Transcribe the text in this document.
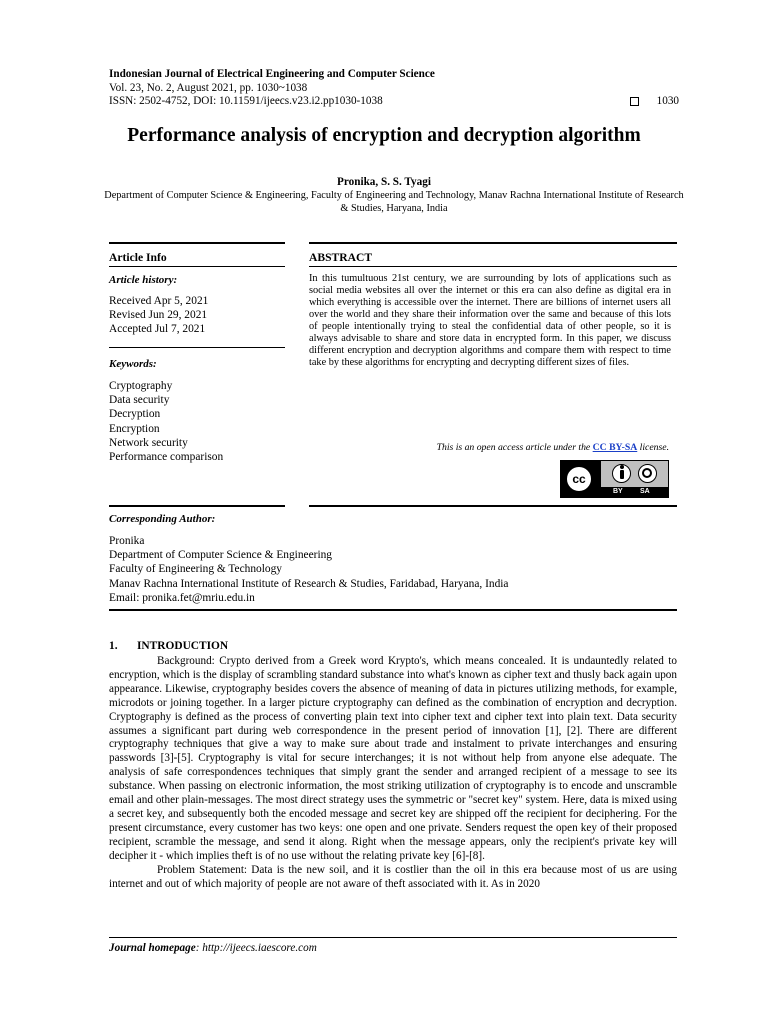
Indonesian Journal of Electrical Engineering and Computer Science
Vol. 23, No. 2, August 2021, pp. 1030~1038
ISSN: 2502-4752, DOI: 10.11591/ijeecs.v23.i2.pp1030-1038	1030
Performance analysis of encryption and decryption algorithm
Pronika, S. S. Tyagi
Department of Computer Science & Engineering, Faculty of Engineering and Technology, Manav Rachna International Institute of Research & Studies, Haryana, India
Article Info	ABSTRACT
Article history:
Received Apr 5, 2021
Revised Jun 29, 2021
Accepted Jul 7, 2021
Keywords:
Cryptography
Data security
Decryption
Encryption
Network security
Performance comparison
In this tumultuous 21st century, we are surrounding by lots of applications such as social media websites all over the internet or this era can also define as digital era in which everything is accessible over the internet. There are billions of internet users all over the world and they share their information over the same and because of this lots of people intentionally trying to steal the confidential data of other people, so it is always advisable to share and store data in encrypted form. In this paper, we discuss different encryption and decryption algorithms and compare them with respect to time take by these algorithms for encrypting and decrypting different sizes of files.
This is an open access article under the CC BY-SA license.
cc
BY SA
Corresponding Author:
Pronika
Department of Computer Science & Engineering
Faculty of Engineering & Technology
Manav Rachna International Institute of Research & Studies, Faridabad, Haryana, India
Email: pronika.fet@mriu.edu.in
1. INTRODUCTION

Background: Crypto derived from a Greek word Krypto's, which means concealed. It is undauntedly related to encryption, which is the display of scrambling standard substance into what's known as cipher text and thusly back again upon appearance. Likewise, cryptography besides covers the absence of meaning of data in pictures utilizing methods, for example, microdots or joining together. In a larger picture cryptography can defined as the combination of encryption and decryption. Cryptography is defined as the process of converting plain text into cipher text and cipher text into plain text. Data security assumes a significant part during web correspondence in the present period of innovation [1], [2]. There are different cryptography techniques that give a way to make sure about trade and instalment to private interchanges and ensuring passwords [3]-[5]. Cryptography is vital for secure interchanges; it is not without help from anyone else adequate. The analysis of safe correspondences techniques that simply grant the sender and arranged recipient of a message to see its substance. When passing on electronic information, the most striking utilization of cryptography is to encode and unscramble email and other plain-messages. The most direct strategy uses the symmetric or "secret key" system. Here, data is mixed using a secret key, and subsequently both the encoded message and secret key are shipped off the recipient for deciphering. For the present circumstance, every customer has two keys: one open and one private. Senders request the open key of their proposed recipient, scramble the message, and send it along. Right when the message appears, only the recipient's private key will decipher it - which implies theft is of no use without the relating private key [6]-[8].

Problem Statement: Data is the new soil, and it is costlier than the oil in this era because most of us are using internet and out of which majority of people are not aware of theft associated with it. As in 2020

Journal homepage: http://ijeecs.iaescore.com
